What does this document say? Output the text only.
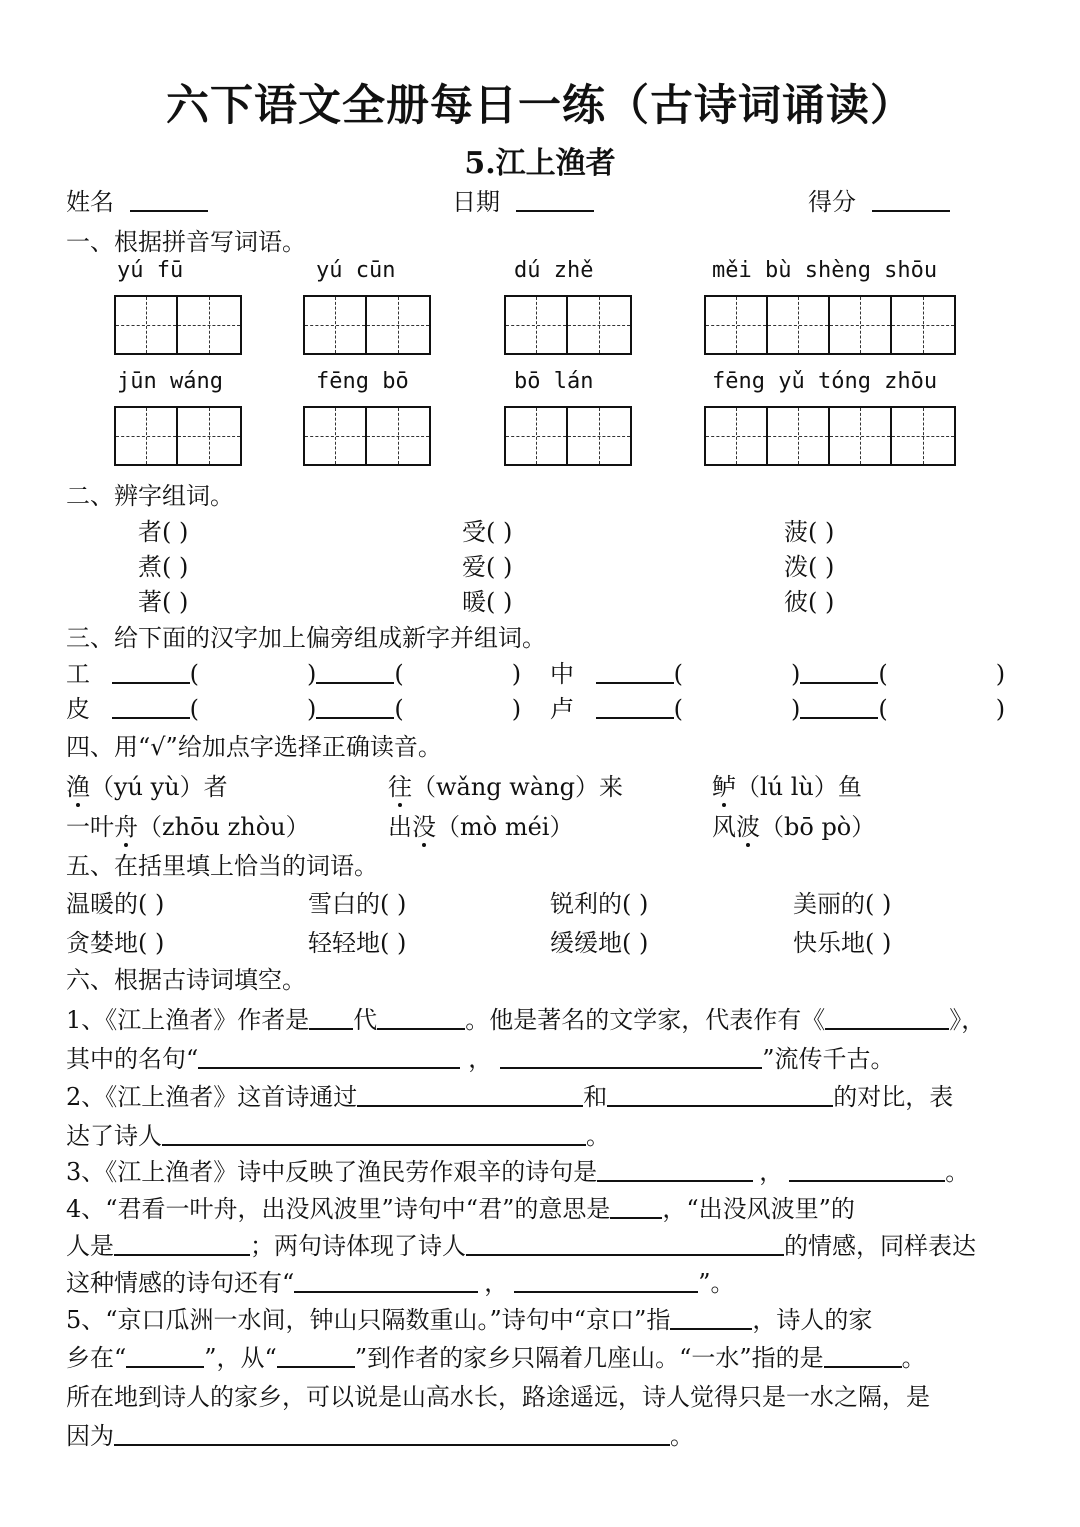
六下语文全册每日一练（古诗词诵读）
5.江上渔者
姓名	日期	得分
一、根据拼音写词语。
yú fū	yú cūn	dú zhě	měi bù shèng shōu
jūn wáng	fēng bō	bō lán	fēng yǔ tóng zhōu
二、辨字组词。
者( )	受( )	菠( )
煮( )	爱( )	泼( )
著( )	暖( )	彼( )
三、给下面的汉字加上偏旁组成新字并组词。
工	(	)	(	) 中	(	)	(	)
皮	(	)	(	) 卢	(	)	(	)
四、用“√”给加点字选择正确读音。
渔（yú yù）者	往（wǎng wàng）来	鲈（lú lù）鱼
一叶舟（zhōu zhòu）	出没（mò méi）	风波（bō pò）
五、在括里填上恰当的词语。
温暖的( )	雪白的( )	锐利的( )	美丽的( )
贪婪地( )	轻轻地( )	缓缓地( )	快乐地( )
六、根据古诗词填空。
1、《江上渔者》作者是 代	。他是著名的文学家，代表作有《	》，
其中的名句“	，	”流传千古。
2、《江上渔者》这首诗通过	和	的对比，表
达了诗人	。
3、《江上渔者》诗中反映了渔民劳作艰辛的诗句是	，	。
4、“君看一叶舟，出没风波里”诗句中“君”的意思是 ，“出没风波里”的
人是	；两句诗体现了诗人	的情感，同样表达
这种情感的诗句还有“	，	”。
5、“京口瓜洲一水间，钟山只隔数重山。”诗句中“京口”指	，诗人的家
乡在“	”，从“	”到作者的家乡只隔着几座山。“一水”指的是	。
所在地到诗人的家乡，可以说是山高水长，路途遥远，诗人觉得只是一水之隔，是
因为	。
